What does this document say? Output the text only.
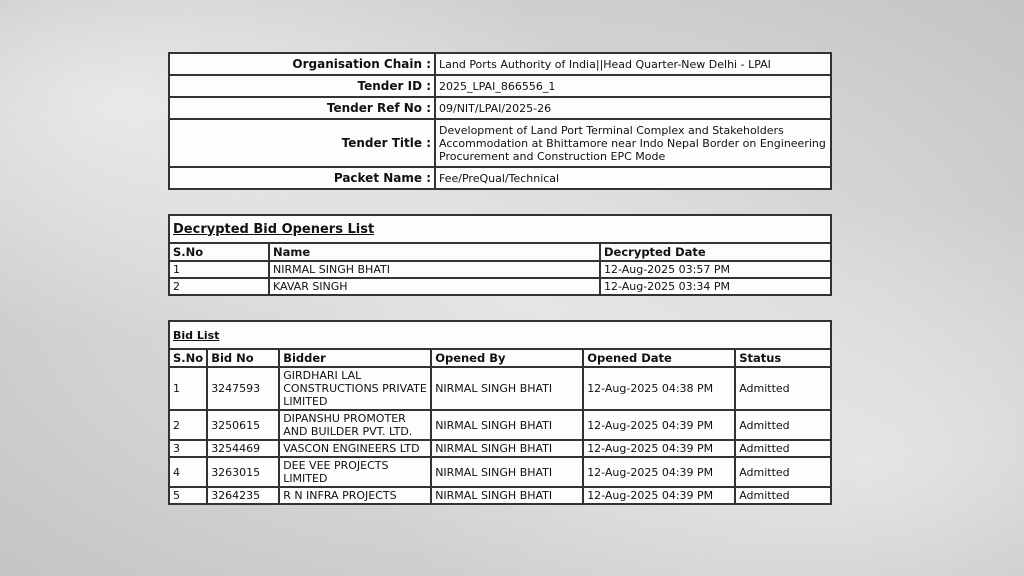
Organisation Chain :	Land Ports Authority of India||Head Quarter-New Delhi - LPAI
Tender ID :	2025_LPAI_866556_1
Tender Ref No :	09/NIT/LPAI/2025-26
Tender Title :	Development of Land Port Terminal Complex and Stakeholders Accommodation at Bhittamore near Indo Nepal Border on Engineering Procurement and Construction EPC Mode
Packet Name :	Fee/PreQual/Technical
Decrypted Bid Openers List		
S.No	Name	Decrypted Date
1	NIRMAL SINGH BHATI	12-Aug-2025 03:57 PM
2	KAVAR SINGH	12-Aug-2025 03:34 PM
Bid List					
S.No	Bid No	Bidder	Opened By	Opened Date	Status
1	3247593	GIRDHARI LAL CONSTRUCTIONS PRIVATE LIMITED	NIRMAL SINGH BHATI	12-Aug-2025 04:38 PM	Admitted
2	3250615	DIPANSHU PROMOTER AND BUILDER PVT. LTD.	NIRMAL SINGH BHATI	12-Aug-2025 04:39 PM	Admitted
3	3254469	VASCON ENGINEERS LTD	NIRMAL SINGH BHATI	12-Aug-2025 04:39 PM	Admitted
4	3263015	DEE VEE PROJECTS LIMITED	NIRMAL SINGH BHATI	12-Aug-2025 04:39 PM	Admitted
5	3264235	R N INFRA PROJECTS	NIRMAL SINGH BHATI	12-Aug-2025 04:39 PM	Admitted
